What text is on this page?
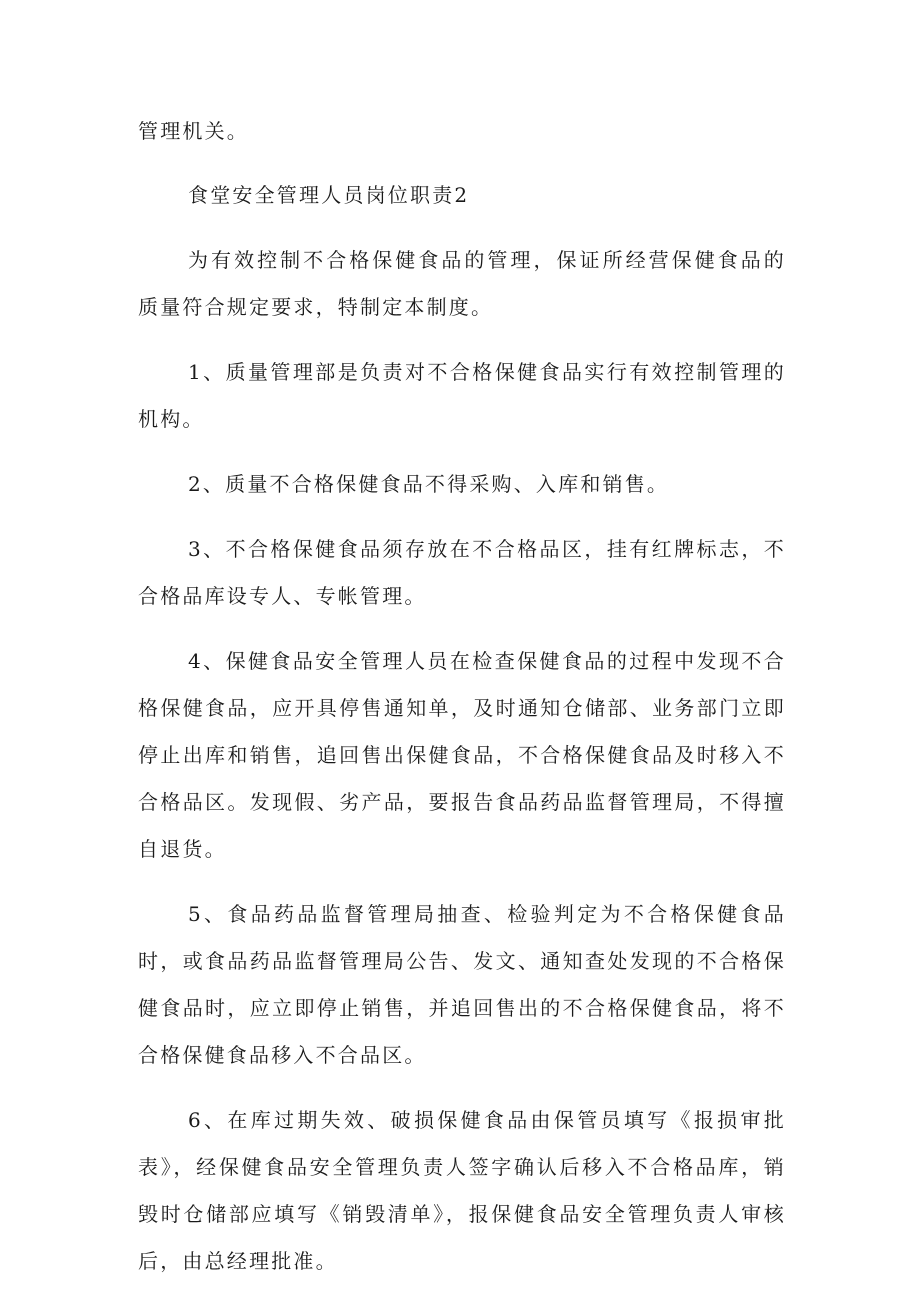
管理机关。

食堂安全管理人员岗位职责2

为有效控制不合格保健食品的管理，保证所经营保健食品的质量符合规定要求，特制定本制度。

1、质量管理部是负责对不合格保健食品实行有效控制管理的机构。

2、质量不合格保健食品不得采购、入库和销售。

3、不合格保健食品须存放在不合格品区，挂有红牌标志，不合格品库设专人、专帐管理。

4、保健食品安全管理人员在检查保健食品的过程中发现不合格保健食品，应开具停售通知单，及时通知仓储部、业务部门立即停止出库和销售，追回售出保健食品，不合格保健食品及时移入不合格品区。发现假、劣产品，要报告食品药品监督管理局，不得擅自退货。

5、食品药品监督管理局抽查、检验判定为不合格保健食品时，或食品药品监督管理局公告、发文、通知查处发现的不合格保健食品时，应立即停止销售，并追回售出的不合格保健食品，将不合格保健食品移入不合品区。

6、在库过期失效、破损保健食品由保管员填写《报损审批表》，经保健食品安全管理负责人签字确认后移入不合格品库，销毁时仓储部应填写《销毁清单》，报保健食品安全管理负责人审核后，由总经理批准。
